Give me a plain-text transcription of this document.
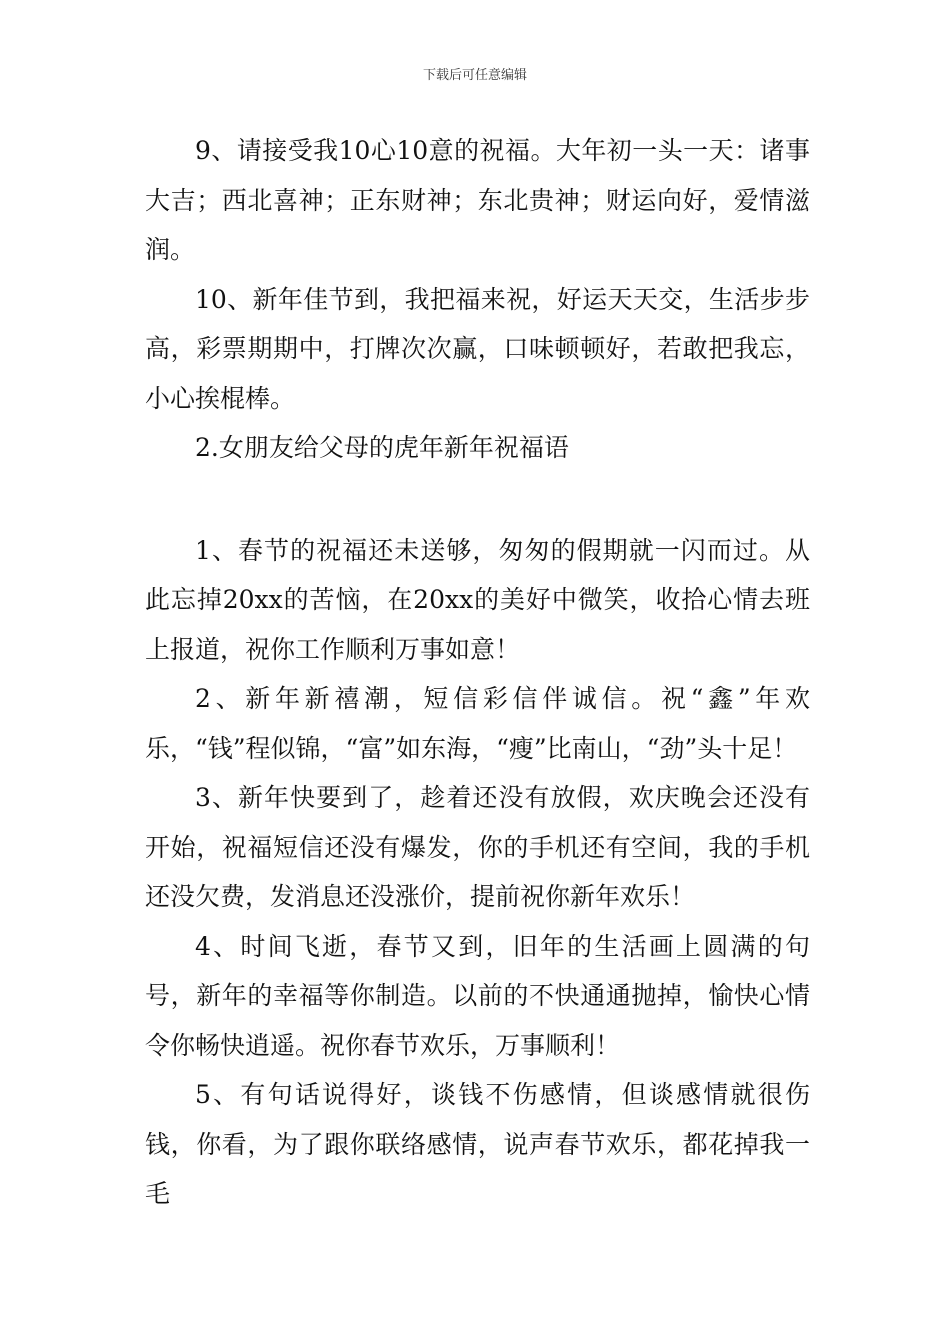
下载后可任意编辑

9、请接受我10心10意的祝福。大年初一头一天：诸事大吉；西北喜神；正东财神；东北贵神；财运向好，爱情滋润。

10、新年佳节到，我把福来祝，好运天天交，生活步步高，彩票期期中，打牌次次赢，口味顿顿好，若敢把我忘，小心挨棍棒。

2.女朋友给父母的虎年新年祝福语

1、春节的祝福还未送够，匆匆的假期就一闪而过。从此忘掉20xx的苦恼，在20xx的美好中微笑，收拾心情去班上报道，祝你工作顺利万事如意！

2、新年新禧潮，短信彩信伴诚信。祝“鑫”年欢乐，“钱”程似锦，“富”如东海，“瘦”比南山，“劲”头十足！

3、新年快要到了，趁着还没有放假，欢庆晚会还没有开始，祝福短信还没有爆发，你的手机还有空间，我的手机还没欠费，发消息还没涨价，提前祝你新年欢乐！

4、时间飞逝，春节又到，旧年的生活画上圆满的句号，新年的幸福等你制造。以前的不快通通抛掉，愉快心情令你畅快逍遥。祝你春节欢乐，万事顺利！

5、有句话说得好，谈钱不伤感情，但谈感情就很伤钱，你看，为了跟你联络感情，说声春节欢乐，都花掉我一毛
